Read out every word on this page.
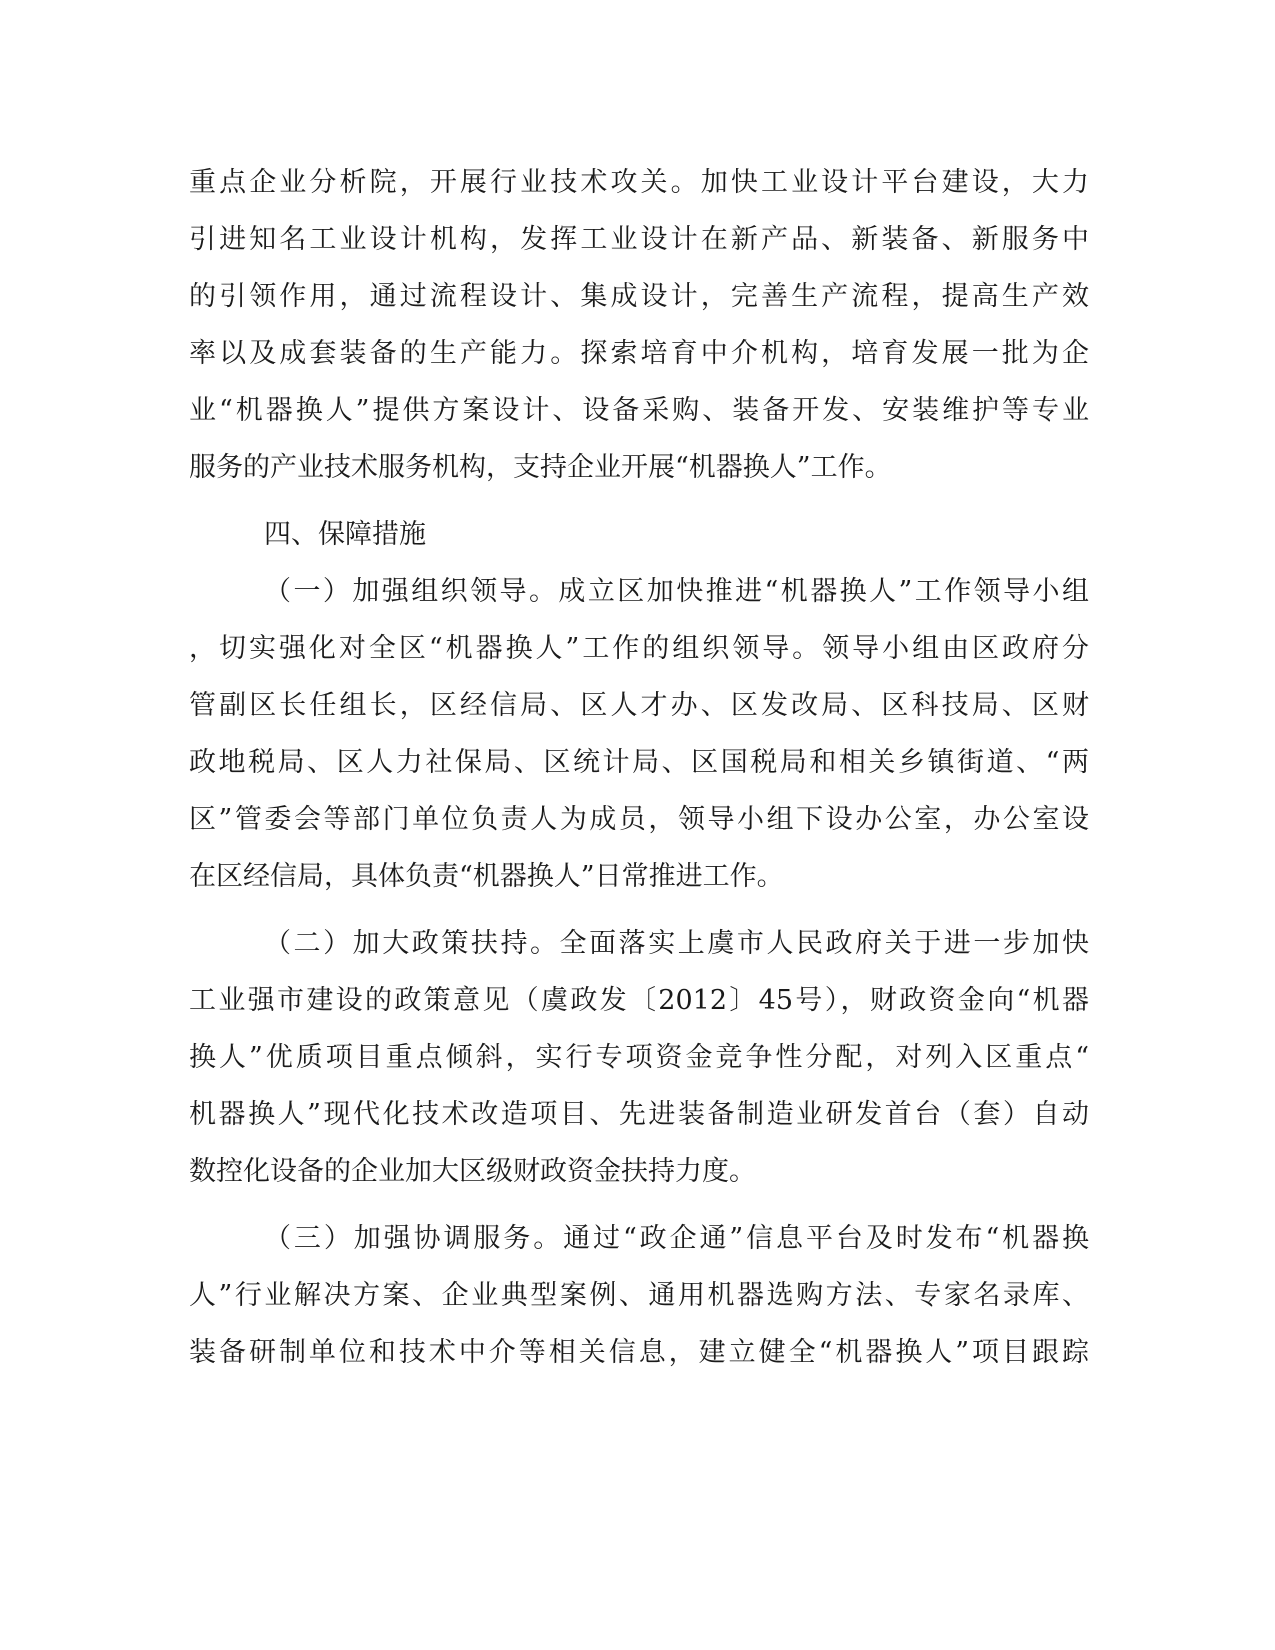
重点企业分析院，开展行业技术攻关。加快工业设计平台建设，大力
引进知名工业设计机构，发挥工业设计在新产品、新装备、新服务中
的引领作用，通过流程设计、集成设计，完善生产流程，提高生产效
率以及成套装备的生产能力。探索培育中介机构，培育发展一批为企
业“机器换人”提供方案设计、设备采购、装备开发、安装维护等专业
服务的产业技术服务机构，支持企业开展“机器换人”工作。
四、保障措施
（一）加强组织领导。成立区加快推进“机器换人”工作领导小组
，切实强化对全区“机器换人”工作的组织领导。领导小组由区政府分
管副区长任组长，区经信局、区人才办、区发改局、区科技局、区财
政地税局、区人力社保局、区统计局、区国税局和相关乡镇街道、“两
区”管委会等部门单位负责人为成员，领导小组下设办公室，办公室设
在区经信局，具体负责“机器换人”日常推进工作。
（二）加大政策扶持。全面落实上虞市人民政府关于进一步加快
工业强市建设的政策意见（虞政发〔2012〕45号），财政资金向“机器
换人”优质项目重点倾斜，实行专项资金竞争性分配，对列入区重点“
机器换人”现代化技术改造项目、先进装备制造业研发首台（套）自动
数控化设备的企业加大区级财政资金扶持力度。
（三）加强协调服务。通过“政企通”信息平台及时发布“机器换
人”行业解决方案、企业典型案例、通用机器选购方法、专家名录库、
装备研制单位和技术中介等相关信息，建立健全“机器换人”项目跟踪
